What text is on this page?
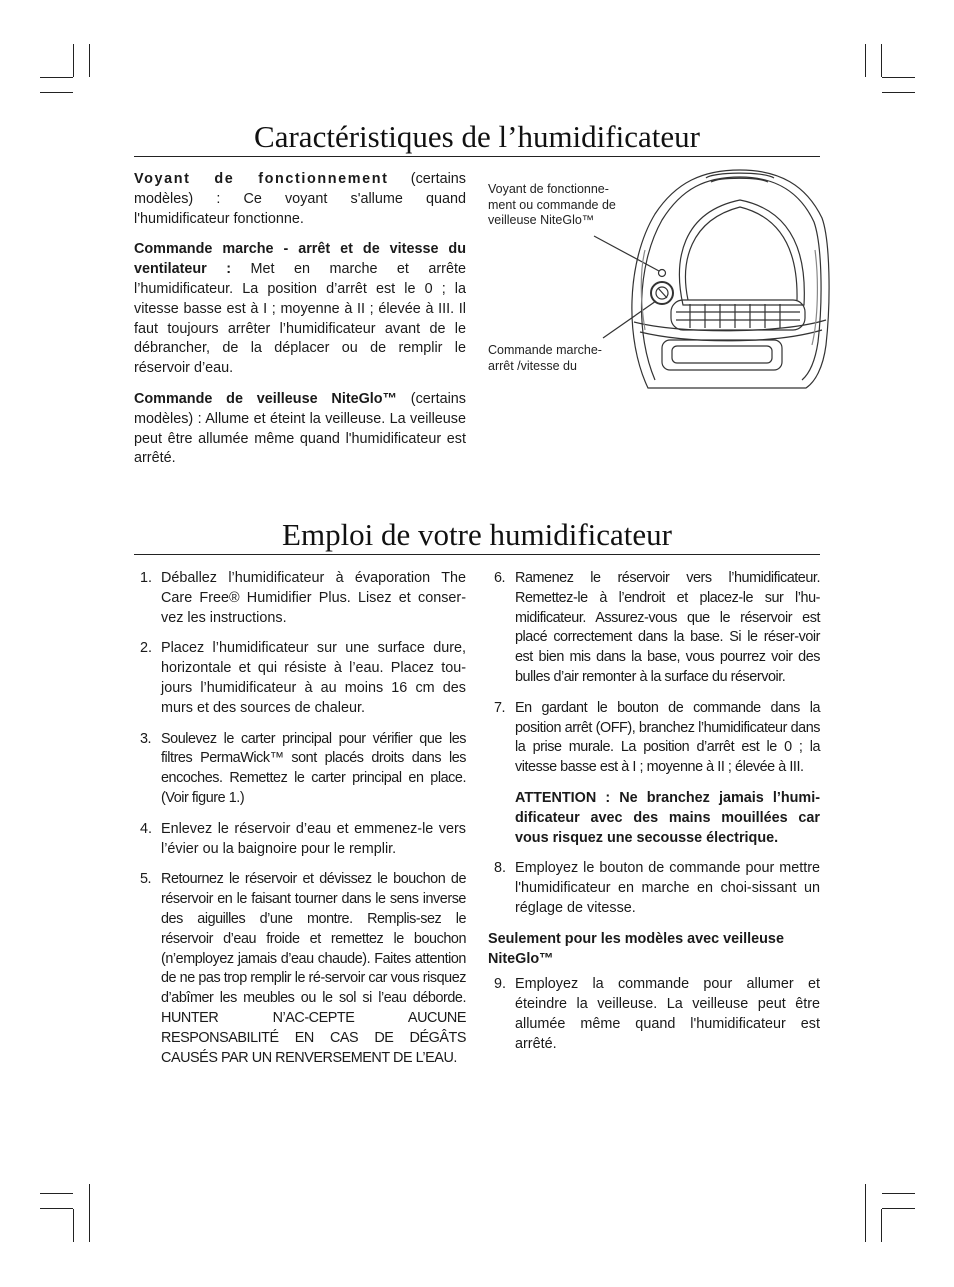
Caractéristiques de l’humidificateur

Voyant de fonctionnement (certains modèles) : Ce voyant s'allume quand l'humidificateur fonctionne.

Commande marche - arrêt et de vitesse du ventilateur : Met en marche et arrête l’humidificateur. La position d’arrêt est le 0 ; la vitesse basse est à I ; moyenne à II ; élevée à III. Il faut toujours arrêter l’humidificateur avant de le débrancher, de la déplacer ou de remplir le réservoir d’eau.

Commande de veilleuse NiteGlo™ (certains modèles) : Allume et éteint la veilleuse. La veilleuse peut être allumée même quand l'humidificateur est arrêté.

Voyant de fonctionne-
ment ou commande de
veilleuse NiteGlo™
Commande marche-
arrêt /vitesse du
Emploi de votre humidificateur
1. Déballez l’humidificateur à évaporation The Care Free® Humidifier Plus. Lisez et conser-vez les instructions.
2. Placez l’humidificateur sur une surface dure, horizontale et qui résiste à l’eau. Placez tou-jours l’humidificateur à au moins 16 cm des murs et des sources de chaleur.
3. Soulevez le carter principal pour vérifier que les filtres PermaWick™ sont placés droits dans les encoches. Remettez le carter principal en place. (Voir figure 1.)
4. Enlevez le réservoir d’eau et emmenez-le vers l’évier ou la baignoire pour le remplir.
5. Retournez le réservoir et dévissez le bouchon de réservoir en le faisant tourner dans le sens inverse des aiguilles d’une montre. Remplis-sez le réservoir d’eau froide et remettez le bouchon (n’employez jamais d’eau chaude). Faites attention de ne pas trop remplir le ré-servoir car vous risquez d’abîmer les meubles ou le sol si l’eau déborde. HUNTER N’AC-CEPTE AUCUNE RESPONSABILITÉ EN CAS DE DÉGÂTS CAUSÉS PAR UN RENVERSEMENT DE L’EAU.
6. Ramenez le réservoir vers l’humidificateur. Remettez-le à l’endroit et placez-le sur l’hu-midificateur. Assurez-vous que le réservoir est placé correctement dans la base. Si le réser-voir est bien mis dans la base, vous pourrez voir des bulles d’air remonter à la surface du réservoir.
7. En gardant le bouton de commande dans la position arrêt (OFF), branchez l’humidificateur dans la prise murale. La position d’arrêt est le 0 ; la vitesse basse est à I ; moyenne à II ; élevée à III.

ATTENTION : Ne branchez jamais l’humi-dificateur avec des mains mouillées car vous risquez une secousse électrique.

8. Employez le bouton de commande pour mettre l'humidificateur en marche en choi-sissant un réglage de vitesse.

Seulement pour les modèles avec veilleuse NiteGlo™

9. Employez la commande pour allumer et éteindre la veilleuse. La veilleuse peut être allumée même quand l'humidificateur est arrêté.
